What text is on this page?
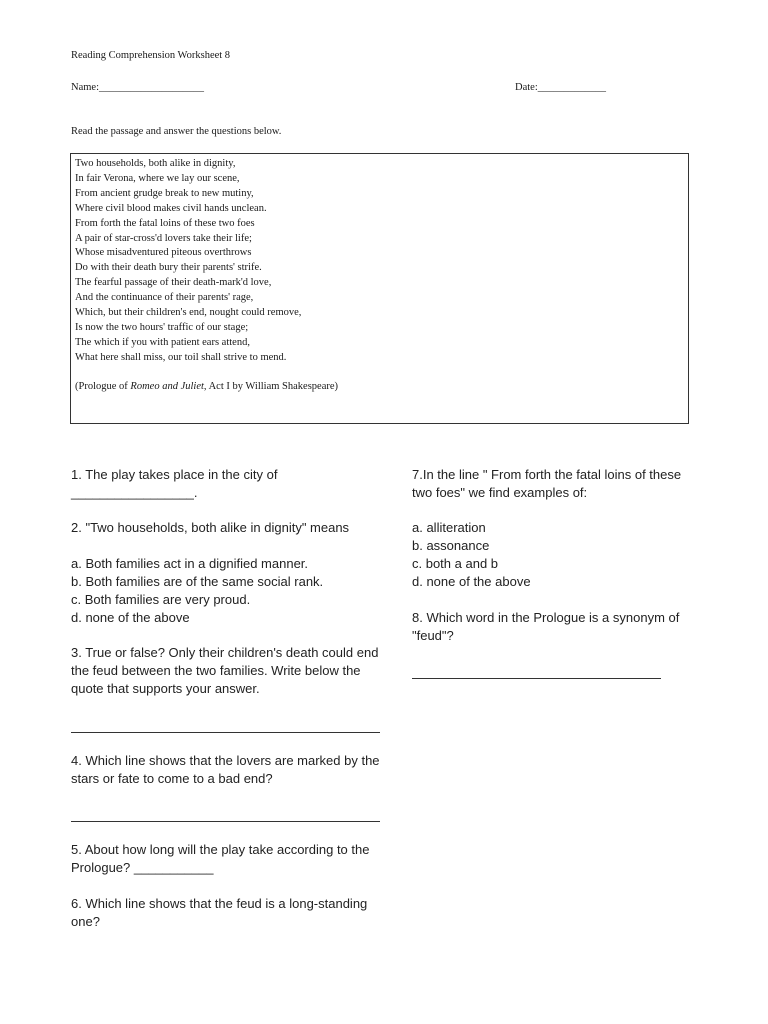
Reading Comprehension Worksheet 8
Name:____________________	Date:_____________
Read the passage and answer the questions below.
Two households, both alike in dignity,
In fair Verona, where we lay our scene,
From ancient grudge break to new mutiny,
Where civil blood makes civil hands unclean.
From forth the fatal loins of these two foes
A pair of star-cross'd lovers take their life;
Whose misadventured piteous overthrows
Do with their death bury their parents' strife.
The fearful passage of their death-mark'd love,
And the continuance of their parents' rage,
Which, but their children's end, nought could remove,
Is now the two hours' traffic of our stage;
The which if you with patient ears attend,
What here shall miss, our toil shall strive to mend.
(Prologue of Romeo and Juliet, Act I by William Shakespeare)
1. The play takes place in the city of
_________________.
2. "Two households, both alike in dignity" means
a. Both families act in a dignified manner.
b. Both families are of the same social rank.
c. Both families are very proud.
d. none of the above
3. True or false? Only their children's death could end the feud between the two families. Write below the quote that supports your answer.
4. Which line shows that the lovers are marked by the stars or fate to come to a bad end?
5. About how long will the play take according to the Prologue? ___________
6. Which line shows that the feud is a long-standing one?
7.In the line " From forth the fatal loins of these two foes" we find examples of:
a. alliteration
b. assonance
c. both a and b
d. none of the above
8. Which word in the Prologue is a synonym of "feud"?
